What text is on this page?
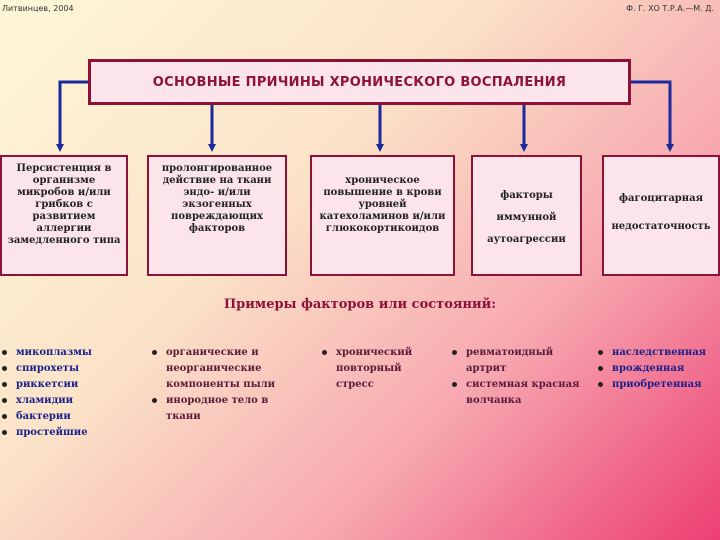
Литвинцев, 2004	Ф. Г. ХО Т.Р.А.—М. Д.
ОСНОВНЫЕ ПРИЧИНЫ ХРОНИЧЕСКОГО ВОСПАЛЕНИЯ
Персистенция в организме микробов и/или грибков с развитием аллергии замедленного типа
пролонгированное действие на ткани эндо- и/или экзогенных повреждающих факторов
хроническое повышение в крови уровней катехоламинов и/или глюкокортикоидов
факторы иммунной аутоагрессии
фагоцитарная недостаточность
Примеры факторов или состояний:
микоплазмы
спирохеты
риккетсии
хламидии
бактерии
простейшие
органические и неорганические компоненты пыли
инородное тело в ткани
хронический повторный стресс
ревматоидный артрит
системная красная волчанка
наследственная
врожденная
приобретенная
